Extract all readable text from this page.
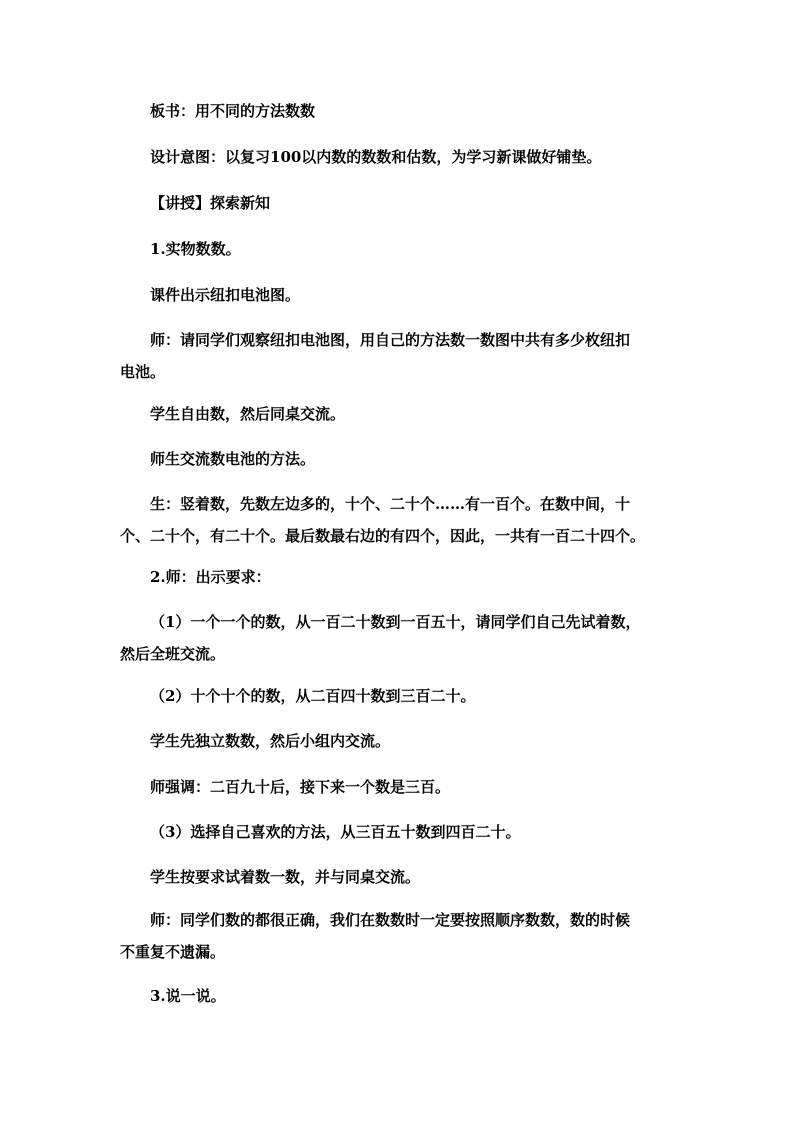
板书：用不同的方法数数

设计意图：以复习100以内数的数数和估数，为学习新课做好铺垫。

【讲授】探索新知

1.实物数数。

课件出示纽扣电池图。

师：请同学们观察纽扣电池图，用自己的方法数一数图中共有多少枚纽扣
电池。

学生自由数，然后同桌交流。

师生交流数电池的方法。

生：竖着数，先数左边多的，十个、二十个……有一百个。在数中间，十
个、二十个，有二十个。最后数最右边的有四个，因此，一共有一百二十四个。

2.师：出示要求：

（1）一个一个的数，从一百二十数到一百五十，请同学们自己先试着数，
然后全班交流。

（2）十个十个的数，从二百四十数到三百二十。

学生先独立数数，然后小组内交流。

师强调：二百九十后，接下来一个数是三百。

（3）选择自己喜欢的方法，从三百五十数到四百二十。

学生按要求试着数一数，并与同桌交流。

师：同学们数的都很正确，我们在数数时一定要按照顺序数数，数的时候
不重复不遗漏。

3.说一说。
